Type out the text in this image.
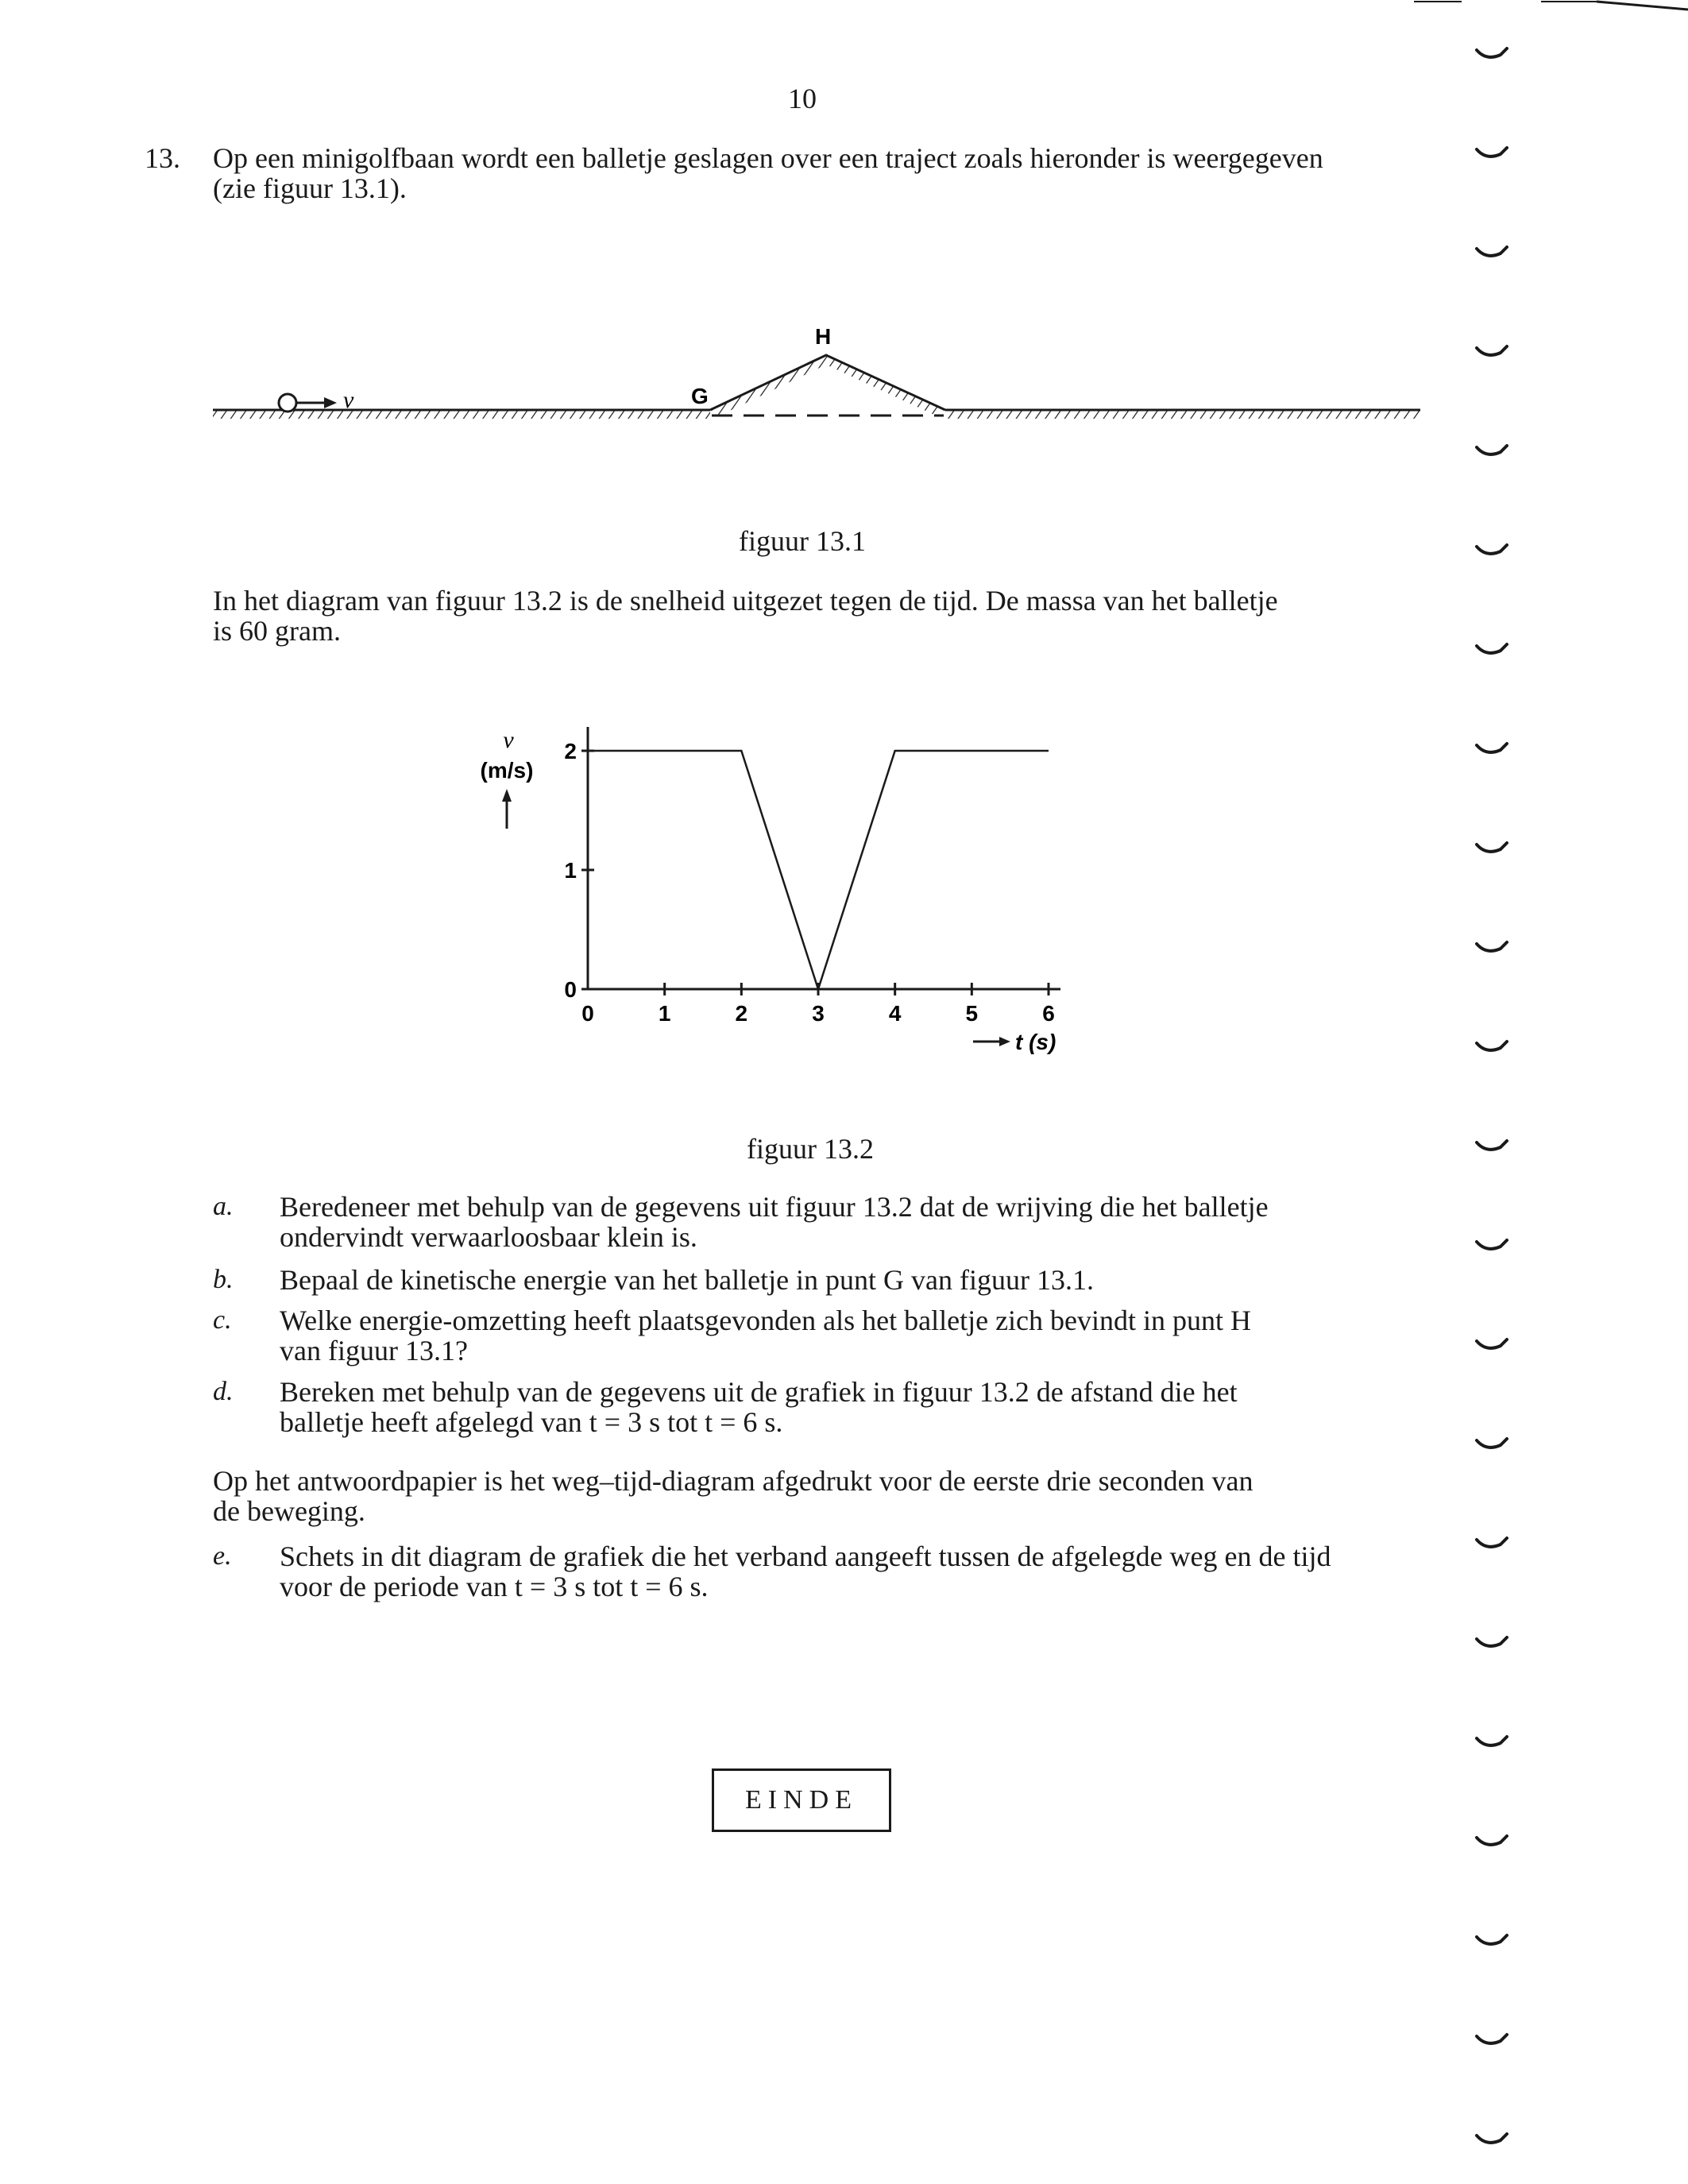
10
13. Op een minigolfbaan wordt een balletje geslagen over een traject zoals hieronder is weergegeven
(zie figuur 13.1).
v	G
H
figuur 13.1
In het diagram van figuur 13.2 is de snelheid uitgezet tegen de tijd. De massa van het balletje
is 60 gram.
v
(m/s)
0	1	2	3	4	5	6
0
1
2
t (s)
figuur 13.2
a. Beredeneer met behulp van de gegevens uit figuur 13.2 dat de wrijving die het balletje
ondervindt verwaarloosbaar klein is.
b. Bepaal de kinetische energie van het balletje in punt G van figuur 13.1.
c. Welke energie-omzetting heeft plaatsgevonden als het balletje zich bevindt in punt H
van figuur 13.1?
d. Bereken met behulp van de gegevens uit de grafiek in figuur 13.2 de afstand die het
balletje heeft afgelegd van t = 3 s tot t = 6 s.
Op het antwoordpapier is het weg–tijd-diagram afgedrukt voor de eerste drie seconden van
de beweging.
e. Schets in dit diagram de grafiek die het verband aangeeft tussen de afgelegde weg en de tijd
voor de periode van t = 3 s tot t = 6 s.
EINDE
